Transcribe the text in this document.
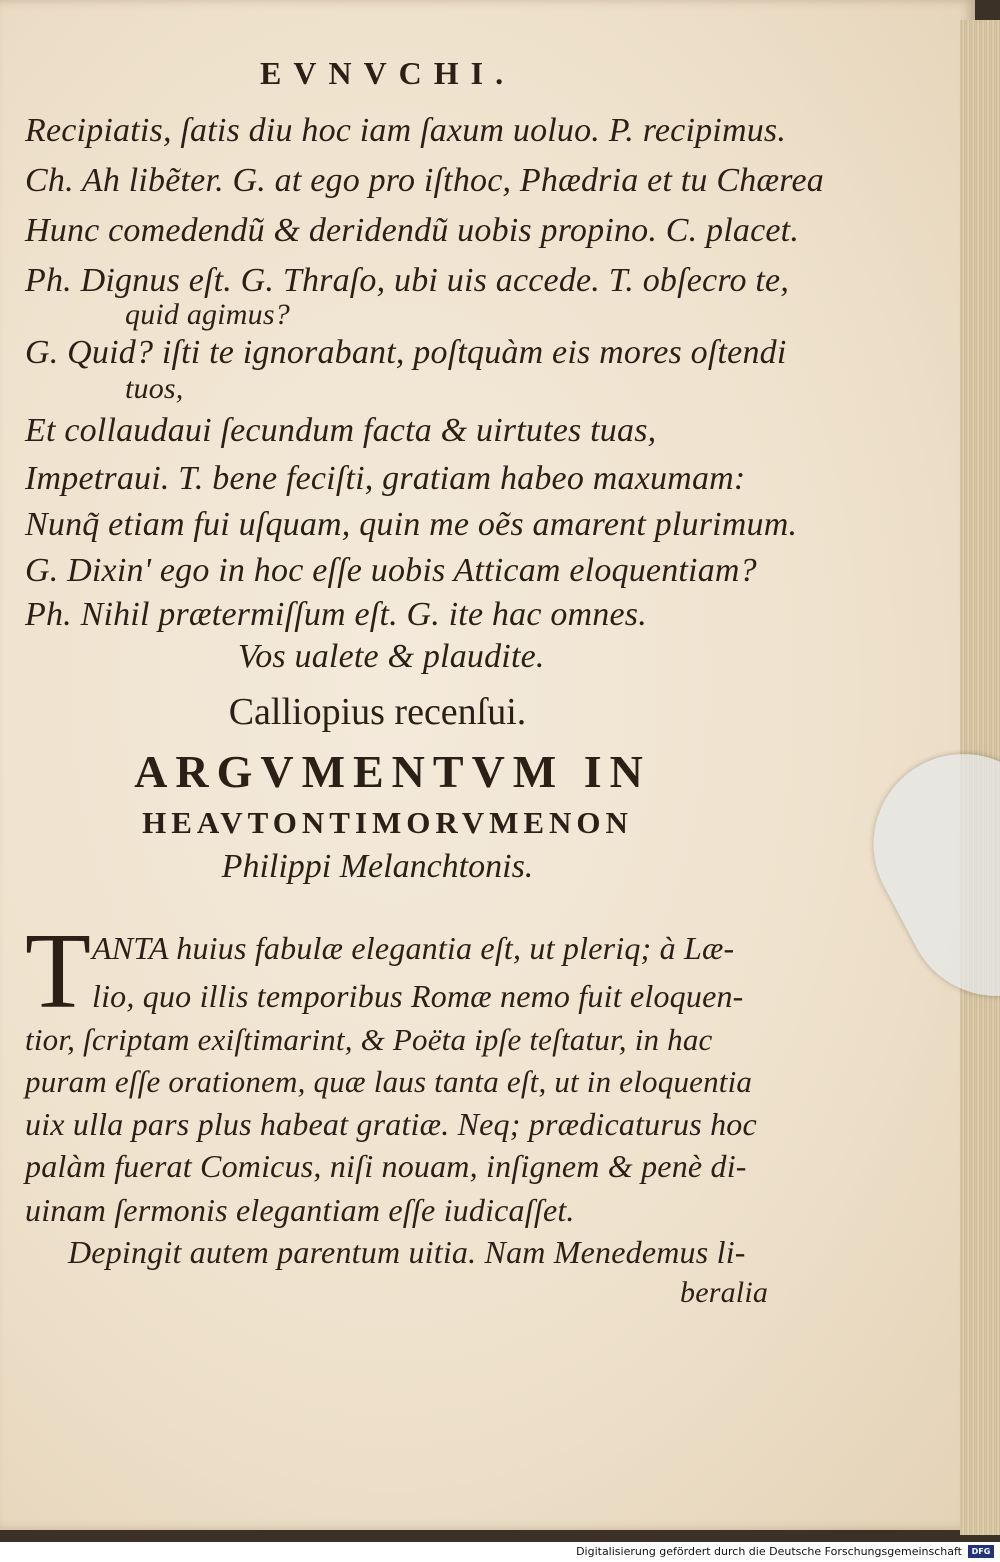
EVNVCHI.
Recipiatis, ſatis diu hoc iam ſaxum uoluo. P. recipimus.
Ch. Ah libẽter. G. at ego pro iſthoc, Phædria et tu Chærea
Hunc comedendũ & deridendũ uobis propino. C. placet.
Ph. Dignus eſt. G. Thraſo, ubi uis accede. T. obſecro te,
quid agimus?
G. Quid? iſti te ignorabant, poſtquàm eis mores oſtendi
tuos,
Et collaudaui ſecundum facta & uirtutes tuas,
Impetraui. T. bene feciſti, gratiam habeo maxumam:
Nunq̃ etiam fui uſquam, quin me oẽs amarent plurimum.
G. Dixin' ego in hoc eſſe uobis Atticam eloquentiam?
Ph. Nihil prætermiſſum eſt. G. ite hac omnes.
Vos ualete & plaudite.
Calliopius recenſui.
ARGVMENTVM IN
HEAVTONTIMORVMENON
Philippi Melanchtonis.
T ANTA huius fabulæ elegantia eſt, ut pleriq; à Læ-
lio, quo illis temporibus Romæ nemo fuit eloquen-
tior, ſcriptam exiſtimarint, & Poëta ipſe teſtatur, in hac
puram eſſe orationem, quæ laus tanta eſt, ut in eloquentia
uix ulla pars plus habeat gratiæ. Neq; prædicaturus hoc
palàm fuerat Comicus, niſi nouam, inſignem & penè di-
uinam ſermonis elegantiam eſſe iudicaſſet.
Depingit autem parentum uitia. Nam Menedemus li-
beralia
Digitalisierung gefördert durch die Deutsche Forschungsgemeinschaft	DFG
